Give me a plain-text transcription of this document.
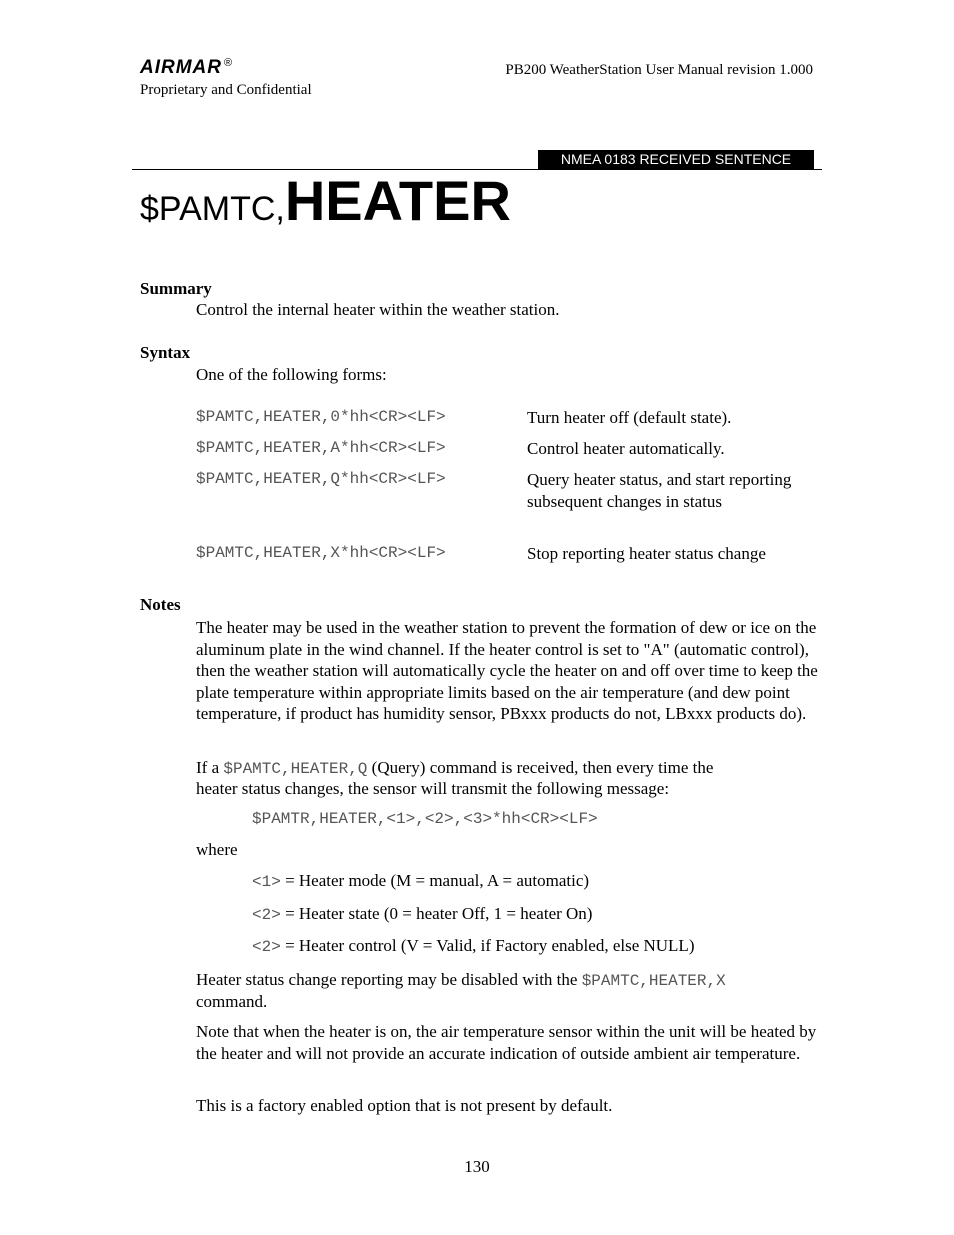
AIRMAR ®
Proprietary and Confidential
PB200 WeatherStation User Manual revision 1.000
NMEA 0183 RECEIVED SENTENCE
$PAMTC,HEATER
Summary
Control the internal heater within the weather station.
Syntax
One of the following forms:
$PAMTC,HEATER,0*hh<CR><LF>	Turn heater off (default state).
$PAMTC,HEATER,A*hh<CR><LF>	Control heater automatically.
$PAMTC,HEATER,Q*hh<CR><LF>	Query heater status, and start reporting subsequent changes in status
$PAMTC,HEATER,X*hh<CR><LF>	Stop reporting heater status change
Notes
The heater may be used in the weather station to prevent the formation of dew or ice on the aluminum plate in the wind channel. If the heater control is set to "A" (automatic control), then the weather station will automatically cycle the heater on and off over time to keep the plate temperature within appropriate limits based on the air temperature (and dew point temperature, if product has humidity sensor, PBxxx products do not, LBxxx products do).
If a $PAMTC,HEATER,Q (Query) command is received, then every time the
heater status changes, the sensor will transmit the following message:
$PAMTR,HEATER,<1>,<2>,<3>*hh<CR><LF>
where
<1> = Heater mode (M = manual, A = automatic)
<2> = Heater state (0 = heater Off, 1 = heater On)
<2> = Heater control (V = Valid, if Factory enabled, else NULL)
Heater status change reporting may be disabled with the $PAMTC,HEATER,X
command.
Note that when the heater is on, the air temperature sensor within the unit will be heated by the heater and will not provide an accurate indication of outside ambient air temperature.
This is a factory enabled option that is not present by default.
130
